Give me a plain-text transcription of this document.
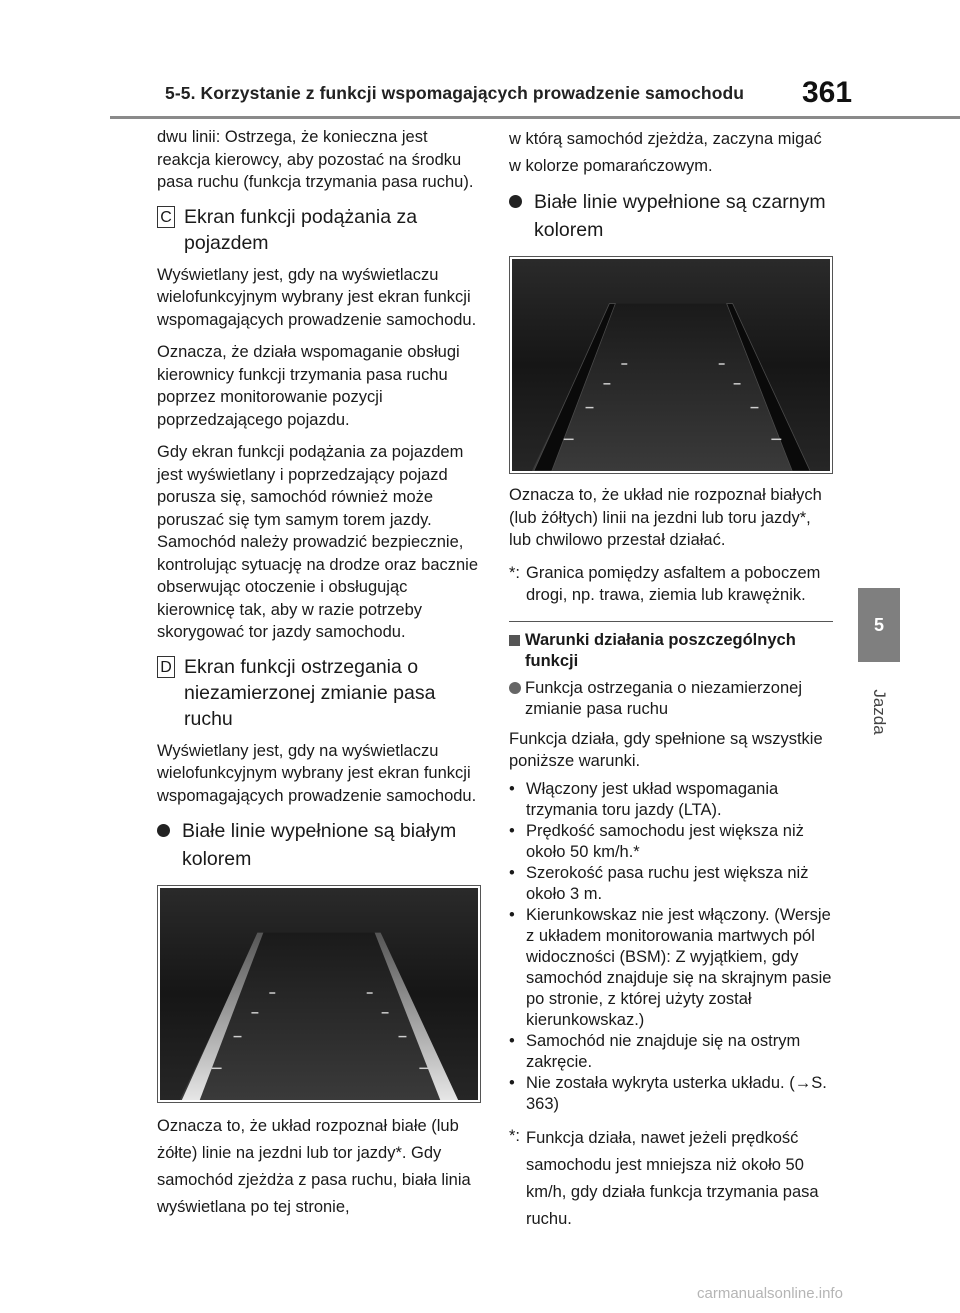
5-5. Korzystanie z funkcji wspomagających prowadzenie samochodu 361
5
Jazda

dwu linii: Ostrzega, że konieczna jest reakcja kierowcy, aby pozostać na środku pasa ruchu (funkcja trzymania pasa ruchu).

C Ekran funkcji podążania za pojazdem

Wyświetlany jest, gdy na wyświetlaczu wielofunkcyjnym wybrany jest ekran funkcji wspomagających prowadzenie samochodu.

Oznacza, że działa wspomaganie obsługi kierownicy funkcji trzymania pasa ruchu poprzez monitorowanie pozycji poprzedzającego pojazdu.

Gdy ekran funkcji podążania za pojazdem jest wyświetlany i poprzedzający pojazd porusza się, samochód również może poruszać się tym samym torem jazdy. Samochód należy prowadzić bezpiecznie, kontrolując sytuację na drodze oraz bacznie obserwując otoczenie i obsługując kierownicę tak, aby w razie potrzeby skorygować tor jazdy samochodu.

D Ekran funkcji ostrzegania o niezamierzonej zmianie pasa ruchu

Wyświetlany jest, gdy na wyświetlaczu wielofunkcyjnym wybrany jest ekran funkcji wspomagających prowadzenie samochodu.

Białe linie wypełnione są białym kolorem

Oznacza to, że układ rozpoznał białe (lub żółte) linie na jezdni lub tor jazdy*. Gdy samochód zjeżdża z pasa ruchu, biała linia wyświetlana po tej stronie,

w którą samochód zjeżdża, zaczyna migać w kolorze pomarańczowym.

Białe linie wypełnione są czarnym kolorem

Oznacza to, że układ nie rozpoznał białych (lub żółtych) linii na jezdni lub toru jazdy*, lub chwilowo przestał działać.

*: Granica pomiędzy asfaltem a poboczem drogi, np. trawa, ziemia lub krawężnik.
Warunki działania poszczególnych funkcji
Funkcja ostrzegania o niezamierzonej zmianie pasa ruchu

Funkcja działa, gdy spełnione są wszystkie poniższe warunki.

• Włączony jest układ wspomagania trzymania toru jazdy (LTA).
• Prędkość samochodu jest większa niż około 50 km/h.*
• Szerokość pasa ruchu jest większa niż około 3 m.
• Kierunkowskaz nie jest włączony. (Wersje z układem monitorowania martwych pól widoczności (BSM): Z wyjątkiem, gdy samochód znajduje się na skrajnym pasie po stronie, z której użyty został kierunkowskaz.)
• Samochód nie znajduje się na ostrym zakręcie.
• Nie została wykryta usterka układu. (→S. 363)
*: Funkcja działa, nawet jeżeli prędkość samochodu jest mniejsza niż około 50 km/h, gdy działa funkcja trzymania pasa ruchu.
carmanualsonline.info
